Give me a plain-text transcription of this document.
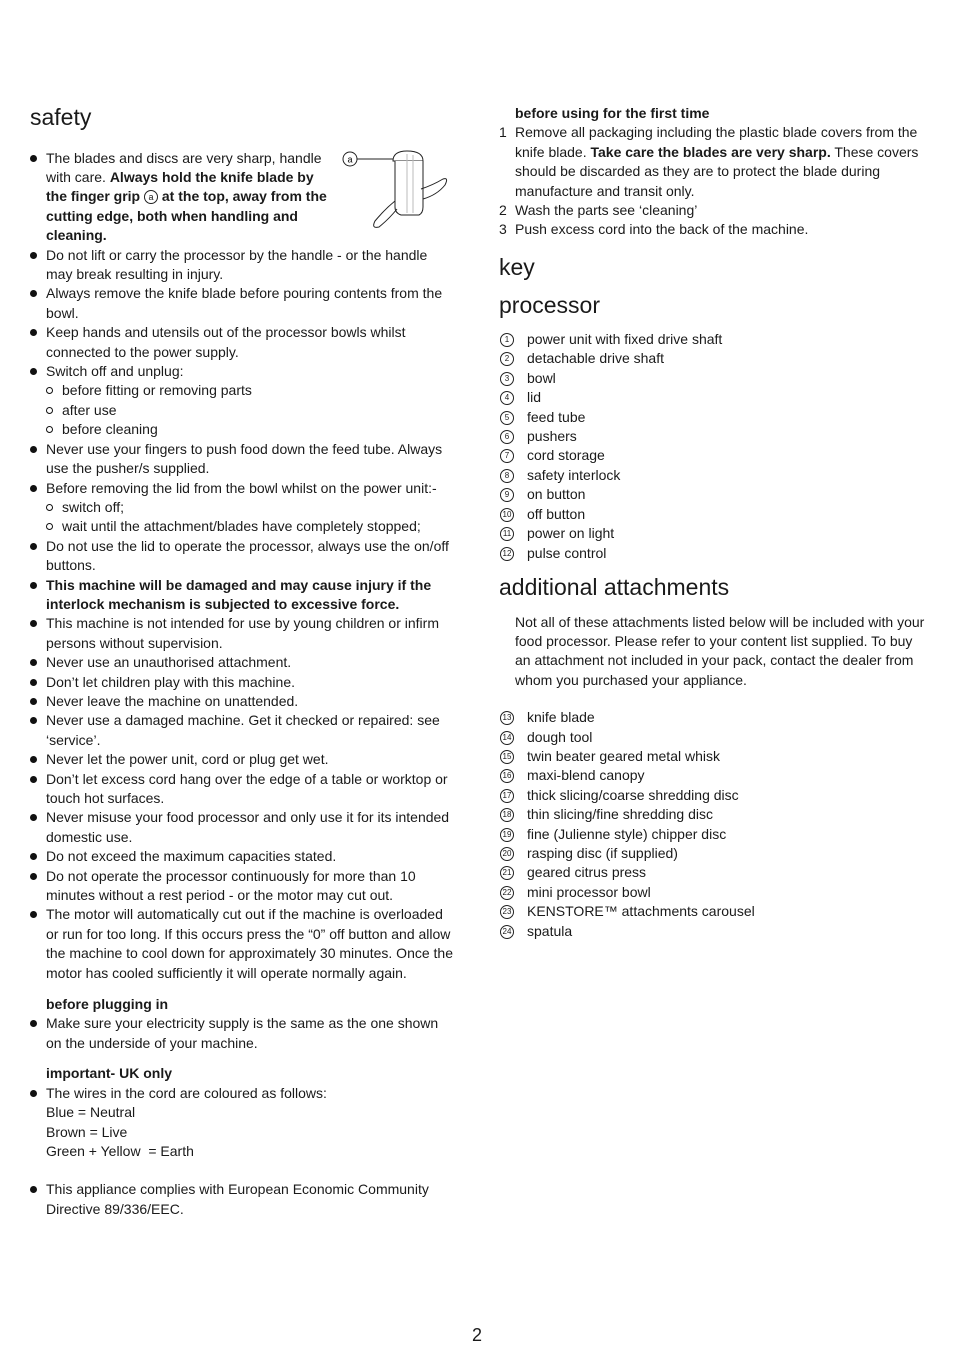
safety
The blades and discs are very sharp, handle with care. Always hold the knife blade by the finger grip a at the top, away from the cutting edge, both when handling and cleaning.
a
Do not lift or carry the processor by the handle - or the handle may break resulting in injury.
Always remove the knife blade before pouring contents from the bowl.
Keep hands and utensils out of the processor bowls whilst connected to the power supply.
Switch off and unplug:
before fitting or removing parts
after use
before cleaning
Never use your fingers to push food down the feed tube. Always use the pusher/s supplied.
Before removing the lid from the bowl whilst on the power unit:-
switch off;
wait until the attachment/blades have completely stopped;
Do not use the lid to operate the processor, always use the on/off buttons.
This machine will be damaged and may cause injury if the interlock mechanism is subjected to excessive force.
This machine is not intended for use by young children or infirm persons without supervision.
Never use an unauthorised attachment.
Don’t let children play with this machine.
Never leave the machine on unattended.
Never use a damaged machine. Get it checked or repaired: see ‘service’.
Never let the power unit, cord or plug get wet.
Don’t let excess cord hang over the edge of a table or worktop or touch hot surfaces.
Never misuse your food processor and only use it for its intended domestic use.
Do not exceed the maximum capacities stated.
Do not operate the processor continuously for more than 10 minutes without a rest period - or the motor may cut out.
The motor will automatically cut out if the machine is overloaded or run for too long. If this occurs press the “0” off button and allow the machine to cool down for approximately 30 minutes. Once the motor has cooled sufficiently it will operate normally again.
before plugging in
Make sure your electricity supply is the same as the one shown on the underside of your machine.
important- UK only
The wires in the cord are coloured as follows:
Blue = Neutral
Brown = Live
Green + Yellow  = Earth
This appliance complies with European Economic Community Directive 89/336/EEC.
before using for the first time
1 Remove all packaging including the plastic blade covers from the knife blade. Take care the blades are very sharp. These covers should be discarded as they are to protect the blade during manufacture and transit only.
2 Wash the parts see ‘cleaning’
3 Push excess cord into the back of the machine.
key
processor
1	power unit with fixed drive shaft
2	detachable drive shaft
3	bowl
4	lid
5	feed tube
6	pushers
7	cord storage
8	safety interlock
9	on button
10 off button
11 power on light
12 pulse control
additional attachments

Not all of these attachments listed below will be included with your food processor. Please refer to your content list supplied. To buy an attachment not included in your pack, contact the dealer from whom you purchased your appliance.

13 knife blade
14 dough tool
15 twin beater geared metal whisk
16 maxi-blend canopy
17 thick slicing/coarse shredding disc
18 thin slicing/fine shredding disc
19 fine (Julienne style) chipper disc
20 rasping disc (if supplied)
21 geared citrus press
22 mini processor bowl
23 KENSTORE™ attachments carousel
24 spatula
2
